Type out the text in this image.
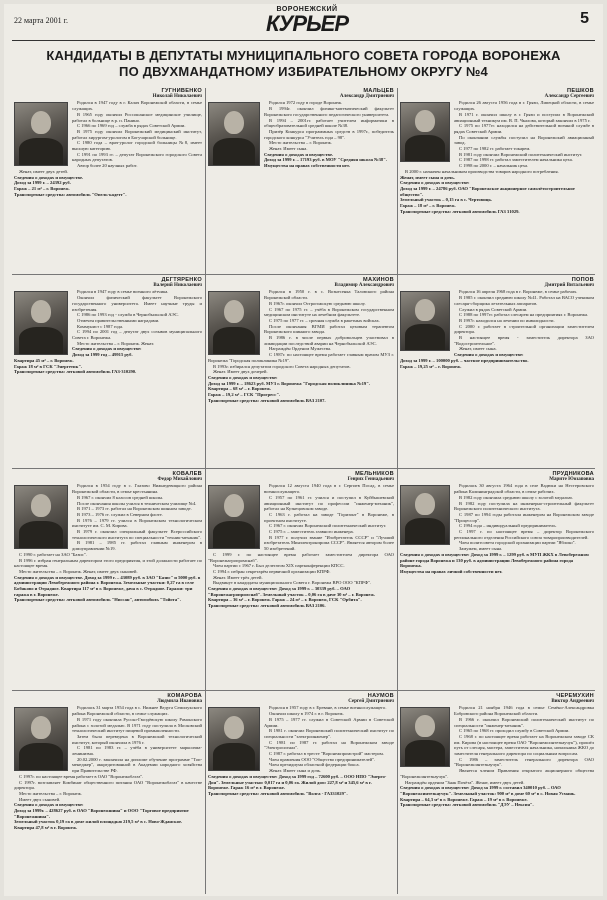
22 марта 2001 г.
ВОРОНЕЖСКИЙ
КУРЬЕР	5
КАНДИДАТЫ В ДЕПУТАТЫ МУНИЦИПАЛЬНОГО СОВЕТА ГОРОДА ВОРОНЕЖА
ПО ДВУХМАНДАТНОМУ ИЗБИРАТЕЛЬНОМУ ОКРУГУ №4
ГУГНИВЕНКО
Николай Николаевич

Родился в 1947 году в г. Калач Воронежской области, в семье служащих.

В 1965 году окончил Россошанское медицинское училище, работал в больнице в р. п. Панино.

С 1966 по 1969 год – служба в рядах Советской Армии.

В 1975 году окончил Воронежский медицинский институт, работал хирургом-урологом в Богучарской больнице.

С 1980 года – врач-уролог городской больницы №8, имеет высшую категорию.

С 1991 по 1993 гг. – депутат Воронежского городского Совета народных депутатов.

Автор более 20 научных работ.

Женат, имеет двух детей.

Сведения о доходах и имуществе.

Доход за 1999 г. – 24392 руб.

Гараж – 21 м² – г. Воронеж.

Транспортные средства: автомобиль "Опель-кадетт".

МАЛЬЦЕВ
Александр Дмитриевич

Родился 1972 году в городе Воронеж.

В 1994г. окончил физико-математический факультет Воронежского государственного педагогического университета.

В 1994 – 2001гг. работает учителем информатики в общеобразовательной средней школе №38.

Призёр Конкурса программных средств в 1997г., победитель городского конкурса "Учитель года – 98".

Место жительства – г. Воронеж.

Женат. Имеет сына.

Сведения о доходах и имуществе.

Доход за 1999 г. – 17193 руб. в МОУ "Средняя школа №38".

Имущества на правах собственности нет.

ПЕШКОВ
Александр Сергеевич

Родился 26 августа 1956 года в г. Грязи, Липецкой области, в семье служащих.

В 1971 г. окончил школу в г. Грязи и поступил в Воронежский авиационный техникум им. В. П. Чкалова, который закончил в 1975 г.

С 1975 по 1977гг. находился на действительной военной службе в рядах Советской Армии.

По окончании службы поступил на Воронежский авиационный завод.

С 1977 по 1982 гг. работает токарем.

В 1981 году окончил Воронежский политехнический институт.

С 1987 по 1998 гг. работал заместителем начальника цеха.

С 1998 по 2000 г. – начальник цеха.

В 2000 г. назначен начальником производства товаров народного потребления.

Женат, имеет сына и дочь.

Сведения о доходах и имуществе:

Доход за 1999 г. – 24786 руб. ОАО "Воронежское акционерное самолётостроительное общество".

Земельный участок – 0,15 га в с. Чертовицк.

Гараж – 18 м² – г. Воронеж.

Транспортные средства: легковой автомобиль ГАЗ 31029.

ДЕГТЯРЕНКО
Валерий Николаевич

Родился в 1947 году в семье военного лётчика.

Окончил физический факультет Воронежского государственного университета. Имеет научные труды и изобретения.

С 1986 по 1993 год - служба в Чернобыльской АЭС.

Отмечен правительственными наградами.

Коммунист с 1987 года.

С 1994 по 2001 год – депутат двух созывов муниципального Совета г. Воронежа.

Место жительства – г. Воронеж. Женат.

Сведения о доходах и имуществе:

Доход за 1999 год – 49915 руб.

Квартира 45 м² – г. Воронеж.

Гараж 18 м² в ГСК "Энергетик".

Транспортные средства: легковой автомобиль ГАЗ-310290.

МАХИНОВ
Владимир Александрович

Родился в 1950 г. в с. Вознесенка Таловского района Воронежской области.

В 1967г. окончил Острогожскую среднюю школу.

С 1967 по 1975 гг. – учёба в Воронежском государственном медицинском институте на лечебном факультете.

С 1975 по 1977 гг. – срочная служба в ракетных войсках.

После окончания ВГМИ работал цеховым терапевтом Воронежского шинного завода.

В 1986 г. в числе первых добровольцев участвовал в ликвидации последствий аварии на Чернобыльской АЭС.

Награждён Орденом Мужества.

С 1987г. по настоящее время работает главным врачом МУЗ г. Воронежа "Городская поликлиника №19".

В 1993г. избирался депутатом городского Совета народных депутатов.

Женат. Имеет двух дочерей.

Сведения о доходах и имуществе:

Доход за 1999 г. – 18623 руб. МУЗ г. Воронежа "Городская поликлиника №19".

Квартира – 68 м² – г. Воронеж.

Гараж – 19,2 м² – ГСК "Прогресс".

Транспортные средства: легковой автомобиль ВАЗ 2107.

ПОПОВ
Дмитрий Витальевич

Родился 16 апреля 1968 года в г. Воронеже, в семье рабочих.

В 1985 г. окончил среднюю школу №41. Работал на ВАСО учеником слесаря-сборщика летательных аппаратов.

Служил в рядах Советской Армии.

С 1988 по 1997гг. работал слесарем на предприятиях г. Воронежа.

В 1997г. находился на лечении по инвалидности.

С 2000 г. работает в строительной организации заместителем директора.

В настоящее время - заместитель директора ЗАО "Водостроительное".

Женат, имеет сына.

Сведения о доходах и имуществе:

Доход за 1999 г. – 100000 руб. – частное предпринимательство.

Гараж – 19,25 м² – г. Воронеж.

КОВАЛЁВ
Федор Михайлович

Родился в 1954 году в с. Глазово Нижнедевицкого района Воронежской области, в семье крестьянина.

В 1967 г. окончил 8 классов средней школы.

После окончания школы учился в техническом училище №4.

В 1971 – 1973 гг. работал на Воронежском шинном заводе.

В 1973 – 1976 гг. служил в Северном флоте.

В 1976 – 1979 гг. учился в Воронежском технологическом институте им. С. М. Кирова.

В 1979 г. окончил специальный факультет Всероссийского технологического института по специальности "техник-механик".

В 1981 – 1985 гг. работал главным инженером в домоуправлении №19.

С 1990 г. работает на ЗАО "Базис".

В 1996 г. избран генеральным директором этого предприятия, и этой должности работает по настоящее время.

Место жительства – г. Воронеж. Женат, имеет двух сыновей.

Сведения о доходах и имуществе. Доход за 1999 г. – 43089 руб. в ЗАО "Базис" и 5000 руб. в администрации Левобережного района г. Воронежа. Земельные участки: 0,27 га в селе Бобяково и Отрадное. Квартира 117 м² в г. Воронеже, дача в с. Отрадное. Гаражи: три гаража в г. Воронеже.

Транспортные средства: легковой автомобиль "Ниссан", автомобиль "Тойота".

МЕЛЬНИКОВ
Генрих Геннадьевич

Родился 12 августа 1940 года в г. Сергиев Посад, в семье военнослужащего.

С 1957 по 1961 гг. учился и поступил в Куйбышевский авиационный институт по профессии "инженер-механик", работал на Кузнецовском заводе.

С 1963 г. работал на заводе "Горизонт" в Воронеже, в проектном институте.

С 1967 г. окончил Воронежский политехнический институт.

С 1975 г. – заместитель главного инженера.

В 1977 г. получил звание "Изобретатель СССР" и "Лучший изобретатель Минэлектронпрома СССР". Является автором более 50 изобретений.

С 1999 г. по настоящее время работает заместителем директора ОАО "Воронежагропромснаб".

Член партии с 1967 г. Был делегатом XIX партконференции КПСС.

С 1994 г. избран секретарём первичной организации КПРФ.

Женат. Имеет трёх детей.

Выдвинут в кандидаты муниципального Совета г. Воронежа ВРО ООО "КПРФ".

Сведения о доходах и имуществе: Доход за 1999 г. – 30339 руб. – ОАО "Воронежагропромснаб". Земельный участок – 0,06 га в даче 30 м² – г. Воронеж. Квартира – 36 м² – г. Воронеж. Гараж – 24 м² – г. Воронеж, ГСК "Орбита".

Транспортные средства: легковой автомобиль ВАЗ 2106.

ПРУДНИКОВА
Марите Юозаповна

Родилась 30 августа 1964 года в селе Вадюки на Нестеровского района Калининградской области, в семье рабочих.

В 1982 году окончила среднюю школу с золотой медалью.

В 1982 году поступила на инженерно-строительный факультет Воронежского политехнического института.

С 1987 по 1994 годы работала инженером на Воронежском заводе "Процессор".

С 1994 года – индивидуальный предприниматель.

С 1997 г. по настоящее время – директор Воронежского регионального отделения Российского союза товаропроизводителей.

Член политсовета городской организации партии "Яблоко".

Замужем, имеет сына.

Сведения о доходах и имуществе: Доход за 1999 г. – 1299 руб. в МУП ЖКХ в Левобережном районе города Воронежа и 130 руб. в администрации Левобережного района города Воронежа.

Имущества на правах личной собственности нет.

КОМАРОВА
Людмила Ивановна

Родилась 31 марта 1954 года в с. Нижнее Ведуга Семилукского района Воронежской области, в семье служащих.

В 1971 году окончила Русско-Гвоздёвскую школу Рамонского района с золотой медалью. В 1971 году поступила в Московский технологический институт пищевой промышленности.

Затем была переведена в Воронежский технологический институт, который окончила в 1976 г.

С 1981 по 1983 гг. – учёба в университете марксизма-ленинизма.

20.02.2000 г. закончила на дипломе обучение программе "Топ-менеджер", аккредитованной в Академии народного хозяйства при Правительстве РФ.

С 1997г. по настоящее время работает в ОАО "Воронежоблгаз".

С 1997г. возглавляет Комбинат общественного питания ОАО "Воронежоблгаз" в качестве директора.

Место жительства – г. Воронеж.

Имеет двух сыновей.

Сведения о доходах и имуществе:

Доход за 1999г. – 428627 руб. в ОАО "Воронежшина" и ООО "Торговое предприятие "Воронежшина".

Земельный участок 0,19 га в доме жилой площадью 219,5 м² в с. Ново-Жданское.

Квартира 47,8 м² в г. Воронеж.

НАУМОВ
Сергей Дмитриевич

Родился в 1957 году в г. Ереване, в семье военнослужащего.

Окончил школу в 1974 г. в г. Воронеж.

В 1975 – 1977 гг. служил в Советской Армии в Советской Армии.

В 1981 г. окончил Воронежский политехнический институт по специальности "электроинженер".

С 1981 по 1987 гг. работал на Воронежском заводе "Электросигнал".

С 1987 г. работал в тресте "Воронежпромстрой" мастером.

Член правления ООО "Общество предпринимателей".

Член президиума областной федерации бокса.

Женат. Имеет сына и дочь.

Сведения о доходах и имуществе: Доход за 1999 год – 72600 руб. – ООО НПО "Энерго-Дон". Земельные участки: 0,017 га и 0,06 га. Жилой дом: 227,8 м² и 345,6 м² в г. Воронеже. Гараж 16 м² в г. Воронеже.

Транспортные средства: легковой автомобиль "Волга - ГАЗ31029".

ЧЕРЕМУХИН
Виктор Андреевич

Родился 21 ноября 1946 года в семье Семёно-Александровка Бобровского района Воронежской области.

В 1966 г. окончил Воронежский политехнический институт по специальности "инженер-механик".

С 1965 по 1968 гг. проходил службу в Советской Армии.

С 1968 г. по настоящее время работает на Воронежском заводе СК им. Кирова (в настоящее время ОАО "Воронежсинтезкаучук"), прошёл путь от слесаря, мастера, заместителя начальника, начальника ЖКО до заместителя генерального директора по социальным вопросам.

С 1986 – заместитель генерального директора ОАО "Воронежсинтезкаучук".

Является членом Правления открытого акционерного общества "Воронежсинтезкаучук".

Награждён орденом "Знак Почёта". Женат, имеет двух детей.

Сведения о доходах и имуществе: Доход за 1999 г. составил 340010 руб. – ОАО "Воронежсинтезкаучук". Земельный участок: 900 м² в доме 60 м² в с. Новая Усмань. Квартира – 64,3 м² в г. Воронеже. Гараж – 19 м² в г. Воронеже.

Транспортные средства: легковой автомобиль "ДЭУ – Нексия".
